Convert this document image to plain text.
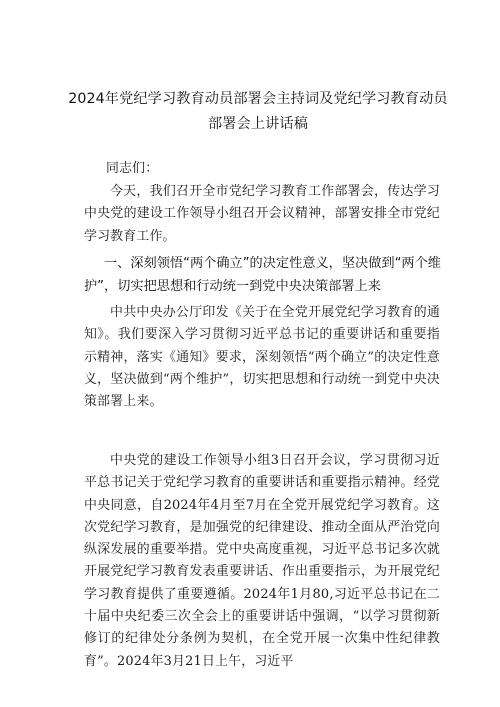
2024年党纪学习教育动员部署会主持词及党纪学习教育动员
部署会上讲话稿
同志们：
今天，我们召开全市党纪学习教育工作部署会，传达学习中央党的建设工作领导小组召开会议精神，部署安排全市党纪学习教育工作。
一、深刻领悟“两个确立”的决定性意义，坚决做到“两个维护”，切实把思想和行动统一到党中央决策部署上来
中共中央办公厅印发《关于在全党开展党纪学习教育的通知》。我们要深入学习贯彻习近平总书记的重要讲话和重要指示精神，落实《通知》要求，深刻领悟“两个确立”的决定性意义，坚决做到“两个维护”，切实把思想和行动统一到党中央决策部署上来。
中央党的建设工作领导小组3日召开会议，学习贯彻习近平总书记关于党纪学习教育的重要讲话和重要指示精神。经党中央同意，自2024年4月至7月在全党开展党纪学习教育。这次党纪学习教育，是加强党的纪律建设、推动全面从严治党向纵深发展的重要举措。党中央高度重视，习近平总书记多次就开展党纪学习教育发表重要讲话、作出重要指示，为开展党纪学习教育提供了重要遵循。2024年1月80,习近平总书记在二十届中央纪委三次全会上的重要讲话中强调，“以学习贯彻新修订的纪律处分条例为契机，在全党开展一次集中性纪律教育”。2024年3月21日上午，习近平
